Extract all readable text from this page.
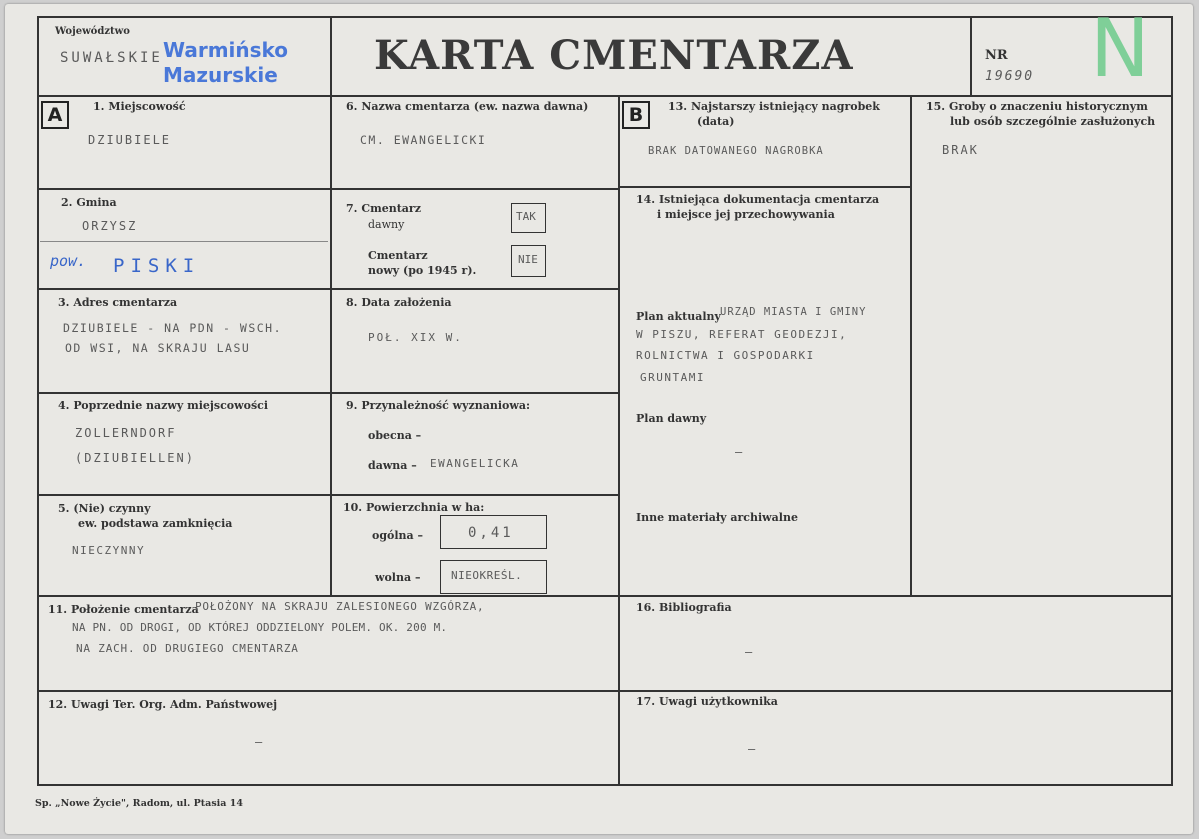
Województwo
SUWAŁSKIE Warmińsko
Mazurskie KARTA CMENTARZA	NR
19690 N
A	B
1. Miejscowość
DZIUBIELE
2. Gmina
ORZYSZ
pow. PISKI
3. Adres cmentarza
DZIUBIELE - NA PDN - WSCH.
OD WSI, NA SKRAJU LASU
4. Poprzednie nazwy miejscowości
ZOLLERNDORF
(DZIUBIELLEN)
5. (Nie) czynny
ew. podstawa zamknięcia
NIECZYNNY
6. Nazwa cmentarza (ew. nazwa dawna)
CM. EWANGELICKI
7. Cmentarz
dawny
TAK
Cmentarz
nowy (po 1945 r).
NIE
8. Data założenia
POŁ. XIX W.
9. Przynależność wyznaniowa:
obecna –
dawna – EWANGELICKA
10. Powierzchnia w ha:
ogólna –	0,41
wolna –	NIEOKREŚL.
13. Najstarszy istniejący nagrobek
(data)
BRAK DATOWANEGO NAGROBKA
14. Istniejąca dokumentacja cmentarza
i miejsce jej przechowywania
Plan aktualny URZĄD MIASTA I GMINY
W PISZU, REFERAT GEODEZJI,
ROLNICTWA I GOSPODARKI
GRUNTAMI
Plan dawny
–
Inne materiały archiwalne
15. Groby o znaczeniu historycznym
lub osób szczególnie zasłużonych
BRAK
11. Położenie cmentarza
POŁOŻONY NA SKRAJU ZALESIONEGO WZGÓRZA,
NA PN. OD DROGI, OD KTÓREJ ODDZIELONY POLEM. OK. 200 M.
NA ZACH. OD DRUGIEGO CMENTARZA
16. Bibliografia
–
12. Uwagi Ter. Org. Adm. Państwowej
–
17. Uwagi użytkownika
–
Sp. „Nowe Życie", Radom, ul. Ptasia 14
